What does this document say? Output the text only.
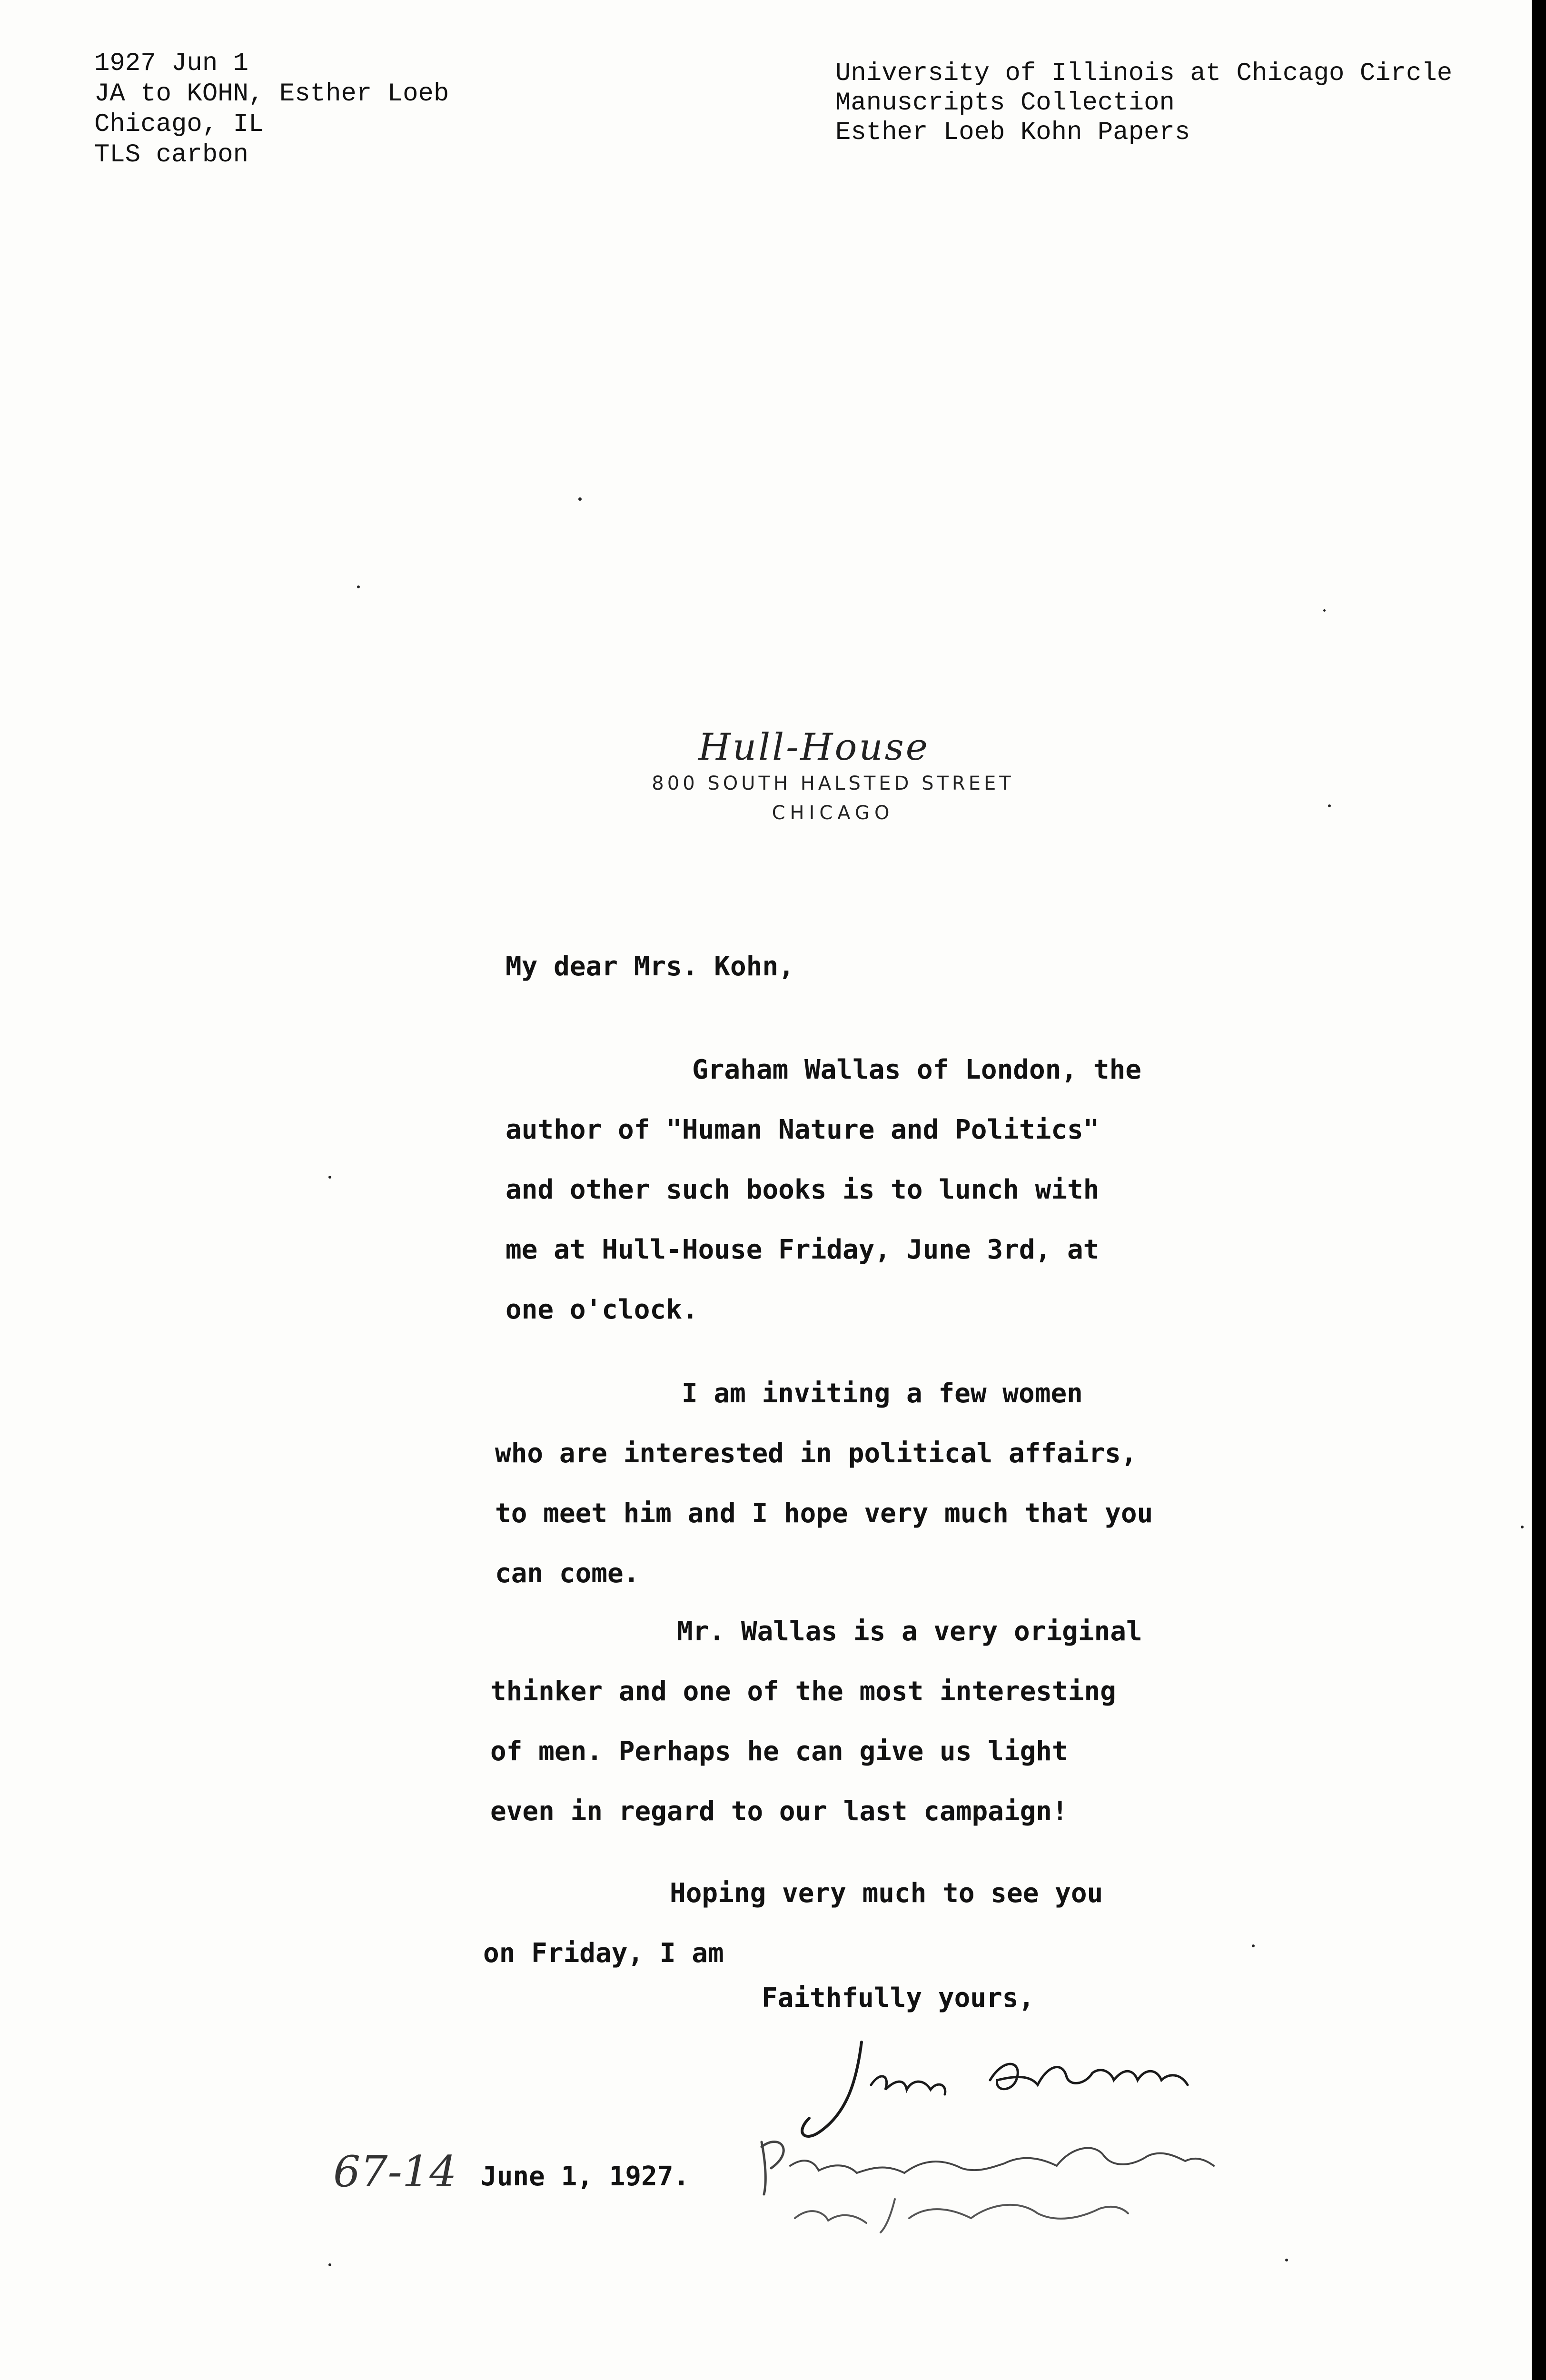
1927 Jun 1
JA to KOHN, Esther Loeb
Chicago, IL
TLS carbon
University of Illinois at Chicago Circle
Manuscripts Collection
Esther Loeb Kohn Papers
Hull-House
800 SOUTH HALSTED STREET
CHICAGO
My dear Mrs. Kohn,
Graham Wallas of London, the
author of "Human Nature and Politics"
and other such books is to lunch with
me at Hull-House Friday, June 3rd, at
one o'clock.
I am inviting a few women
who are interested in political affairs,
to meet him and I hope very much that you
can come.
Mr. Wallas is a very original
thinker and one of the most interesting
of men. Perhaps he can give us light
even in regard to our last campaign!
Hoping very much to see you
on Friday, I am
Faithfully yours,
67-14 June 1, 1927.
